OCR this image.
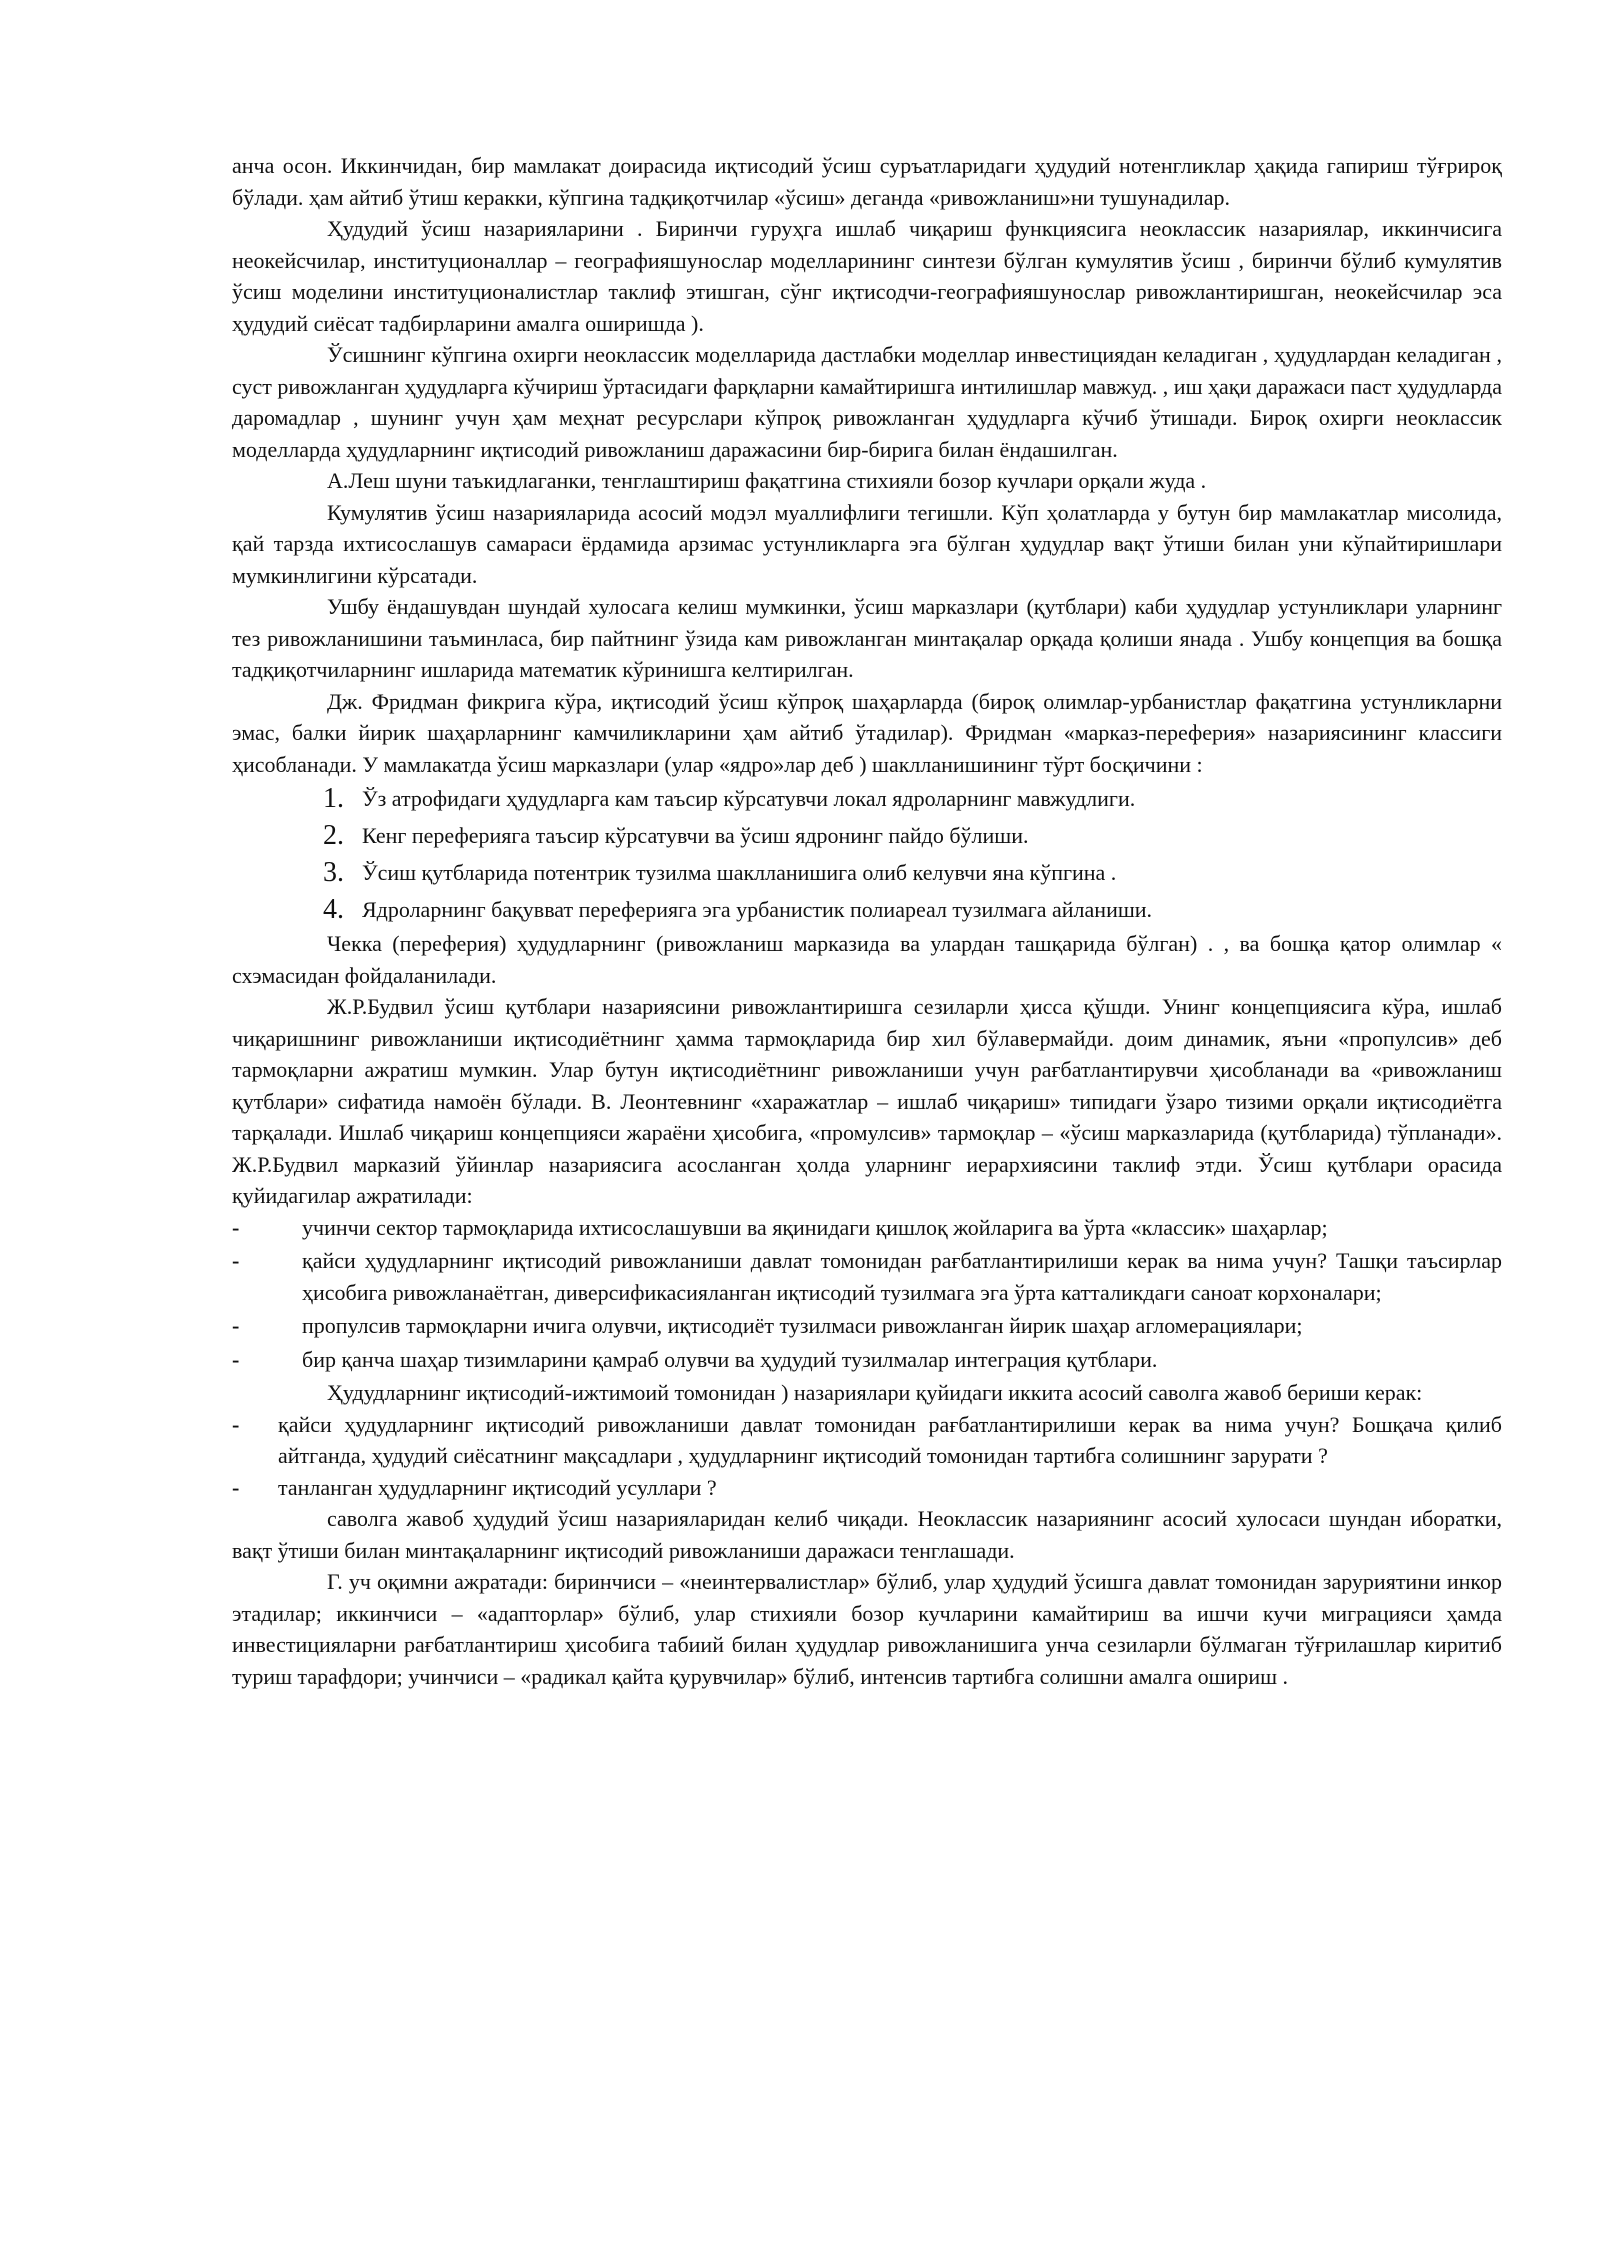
анча осон. Иккинчидан, бир мамлакат доирасида иқтисодий ўсиш суръатларидаги ҳудудий нотенгликлар ҳақида гапириш тўғрироқ бўлади. ҳам айтиб ўтиш керакки, кўпгина тадқиқотчилар «ўсиш» деганда «ривожланиш»ни тушунадилар.

Ҳудудий ўсиш назарияларини . Биринчи гуруҳга ишлаб чиқариш функциясига неоклассик назариялар, иккинчисига неокейсчилар, институционаллар – географияшунослар моделларининг синтези бўлган кумулятив ўсиш , биринчи бўлиб кумулятив ўсиш моделини институционалистлар таклиф этишган, сўнг иқтисодчи-географияшунослар ривожлантиришган, неокейсчилар эса ҳудудий сиёсат тадбирларини амалга оширишда ).

Ўсишнинг кўпгина охирги неоклассик моделларида дастлабки моделлар инвестициядан келадиган , ҳудудлардан келадиган , суст ривожланган ҳудудларга кўчириш ўртасидаги фарқларни камайтиришга интилишлар мавжуд. , иш ҳақи даражаси паст ҳудудларда даромадлар , шунинг учун ҳам меҳнат ресурслари кўпроқ ривожланган ҳудудларга кўчиб ўтишади. Бироқ охирги неоклассик моделларда ҳудудларнинг иқтисодий ривожланиш даражасини бир-бирига билан ёндашилган.

А.Леш шуни таъкидлаганки, тенглаштириш фақатгина стихияли бозор кучлари орқали жуда .

Кумулятив ўсиш назарияларида асосий модэл муаллифлиги тегишли. Кўп ҳолатларда у бутун бир мамлакатлар мисолида, қай тарзда ихтисослашув самараси ёрдамида арзимас устунликларга эга бўлган ҳудудлар вақт ўтиши билан уни кўпайтиришлари мумкинлигини кўрсатади.

Ушбу ёндашувдан шундай хулосага келиш мумкинки, ўсиш марказлари (қутблари) каби ҳудудлар устунликлари уларнинг тез ривожланишини таъминласа, бир пайтнинг ўзида кам ривожланган минтақалар орқада қолиши янада . Ушбу концепция ва бошқа тадқиқотчиларнинг ишларида математик кўринишга келтирилган.

Дж. Фридман фикрига кўра, иқтисодий ўсиш кўпроқ шаҳарларда (бироқ олимлар-урбанистлар фақатгина устунликларни эмас, балки йирик шаҳарларнинг камчиликларини ҳам айтиб ўтадилар). Фридман «марказ-переферия» назариясининг классиги ҳисобланади. У мамлакатда ўсиш марказлари (улар «ядро»лар деб ) шаклланишининг тўрт босқичини :

1. Ўз атрофидаги ҳудудларга кам таъсир кўрсатувчи локал ядроларнинг мавжудлиги.
2. Кенг переферияга таъсир кўрсатувчи ва ўсиш ядронинг пайдо бўлиши.
3. Ўсиш қутбларида потентрик тузилма шаклланишига олиб келувчи яна кўпгина .
4. Ядроларнинг бақувват переферияга эга урбанистик полиареал тузилмага айланиши.

Чекка (переферия) ҳудудларнинг (ривожланиш марказида ва улардан ташқарида бўлган) . , ва бошқа қатор олимлар « схэмасидан фойдаланилади.

Ж.Р.Будвил ўсиш қутблари назариясини ривожлантиришга сезиларли ҳисса қўшди. Унинг концепциясига кўра, ишлаб чиқаришнинг ривожланиши иқтисодиётнинг ҳамма тармоқларида бир хил бўлавермайди. доим динамик, яъни «пропулсив» деб тармоқларни ажратиш мумкин. Улар бутун иқтисодиётнинг ривожланиши учун рағбатлантирувчи ҳисобланади ва «ривожланиш қутблари» сифатида намоён бўлади. В. Леонтевнинг «харажатлар – ишлаб чиқариш» типидаги ўзаро тизими орқали иқтисодиётга тарқалади. Ишлаб чиқариш концепцияси жараёни ҳисобига, «промулсив» тармоқлар – «ўсиш марказларида (қутбларида) тўпланади». Ж.Р.Будвил марказий ўйинлар назариясига асосланган ҳолда уларнинг иерархиясини таклиф этди. Ўсиш қутблари орасида қуйидагилар ажратилади:

-	учинчи сектор тармоқларида ихтисослашувши ва яқинидаги қишлоқ жойларига ва ўрта «классик» шаҳарлар;
-	қайси ҳудудларнинг иқтисодий ривожланиши давлат томонидан рағбатлантирилиши керак ва нима учун? Ташқи таъсирлар ҳисобига ривожланаётган, диверсификасияланган иқтисодий тузилмага эга ўрта катталикдаги саноат корхоналари;
-	пропулсив тармоқларни ичига олувчи, иқтисодиёт тузилмаси ривожланган йирик шаҳар агломерациялари;
-	бир қанча шаҳар тизимларини қамраб олувчи ва ҳудудий тузилмалар интеграция қутблари.

Ҳудудларнинг иқтисодий-ижтимоий томонидан ) назариялари қуйидаги иккита асосий саволга жавоб бериши керак:

- қайси ҳудудларнинг иқтисодий ривожланиши давлат томонидан рағбатлантирилиши керак ва нима учун? Бошқача қилиб айтганда, ҳудудий сиёсатнинг мақсадлари , ҳудудларнинг иқтисодий томонидан тартибга солишнинг зарурати ?
- танланган ҳудудларнинг иқтисодий усуллари ?

саволга жавоб ҳудудий ўсиш назарияларидан келиб чиқади. Неоклассик назариянинг асосий хулосаси шундан иборатки, вақт ўтиши билан минтақаларнинг иқтисодий ривожланиши даражаси тенглашади.

Г. уч оқимни ажратади: биринчиси – «неинтервалистлар» бўлиб, улар ҳудудий ўсишга давлат томонидан заруриятини инкор этадилар; иккинчиси – «адапторлар» бўлиб, улар стихияли бозор кучларини камайтириш ва ишчи кучи миграцияси ҳамда инвестицияларни рағбатлантириш ҳисобига табиий билан ҳудудлар ривожланишига унча сезиларли бўлмаган тўғрилашлар киритиб туриш тарафдори; учинчиси – «радикал қайта қурувчилар» бўлиб, интенсив тартибга солишни амалга ошириш .
